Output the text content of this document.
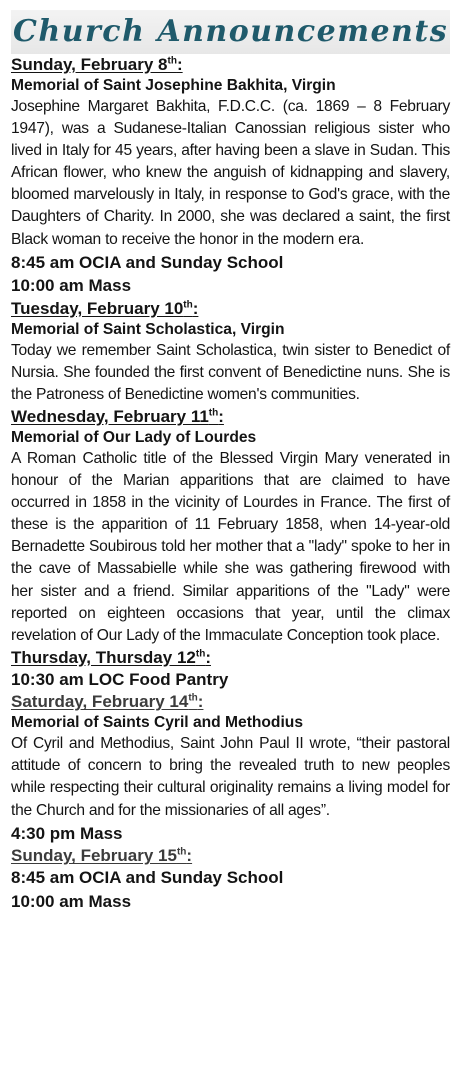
Church Announcements

Sunday, February 8th:

Memorial of Saint Josephine Bakhita, Virgin

Josephine Margaret Bakhita, F.D.C.C. (ca. 1869 – 8 February 1947), was a Sudanese-Italian Canossian religious sister who lived in Italy for 45 years, after having been a slave in Sudan. This African flower, who knew the anguish of kidnapping and slavery, bloomed marvelously in Italy, in response to God's grace, with the Daughters of Charity. In 2000, she was declared a saint, the first Black woman to receive the honor in the modern era.

8:45 am OCIA and Sunday School

10:00 am Mass

Tuesday, February 10th:

Memorial of Saint Scholastica, Virgin

Today we remember Saint Scholastica, twin sister to Benedict of Nursia. She founded the first convent of Benedictine nuns. She is the Patroness of Benedictine women's communities.

Wednesday, February 11th:

Memorial of Our Lady of Lourdes

A Roman Catholic title of the Blessed Virgin Mary venerated in honour of the Marian apparitions that are claimed to have occurred in 1858 in the vicinity of Lourdes in France. The first of these is the apparition of 11 February 1858, when 14-year-old Bernadette Soubirous told her mother that a "lady" spoke to her in the cave of Massabielle while she was gathering firewood with her sister and a friend. Similar apparitions of the "Lady" were reported on eighteen occasions that year, until the climax revelation of Our Lady of the Immaculate Conception took place.

Thursday, Thursday 12th:

10:30 am LOC Food Pantry

Saturday, February 14th:

Memorial of Saints Cyril and Methodius

Of Cyril and Methodius, Saint John Paul II wrote, “their pastoral attitude of concern to bring the revealed truth to new peoples while respecting their cultural originality remains a living model for the Church and for the missionaries of all ages”.

4:30 pm Mass

Sunday, February 15th:

8:45 am OCIA and Sunday School

10:00 am Mass
